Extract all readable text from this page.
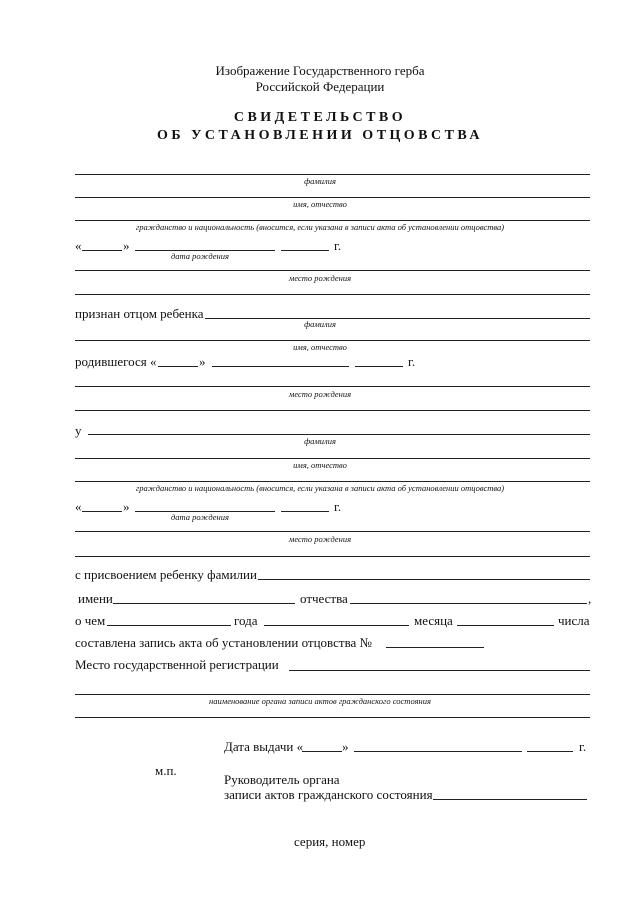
Изображение Государственного герба
Российской Федерации
СВИДЕТЕЛЬСТВО
ОБ УСТАНОВЛЕНИИ ОТЦОВСТВА
фамилия
имя, отчество
гражданство и национальность (вносится, если указана в записи акта об установлении отцовства)
«	»	г.
дата рождения
место рождения
признан отцом ребенка
фамилия
имя, отчество
родившегося «	»	г.
место рождения
у
фамилия
имя, отчество
гражданство и национальность (вносится, если указана в записи акта об установлении отцовства)
«	»	г.
дата рождения
место рождения
с присвоением ребенку фамилии
имени	отчества	,
о чем	года	месяца	числа
составлена запись акта об установлении отцовства №
Место государственной регистрации
наименование органа записи актов гражданского состояния
Дата выдачи «	»	г.
м.п.
Руководитель органа
записи актов гражданского состояния
серия, номер
